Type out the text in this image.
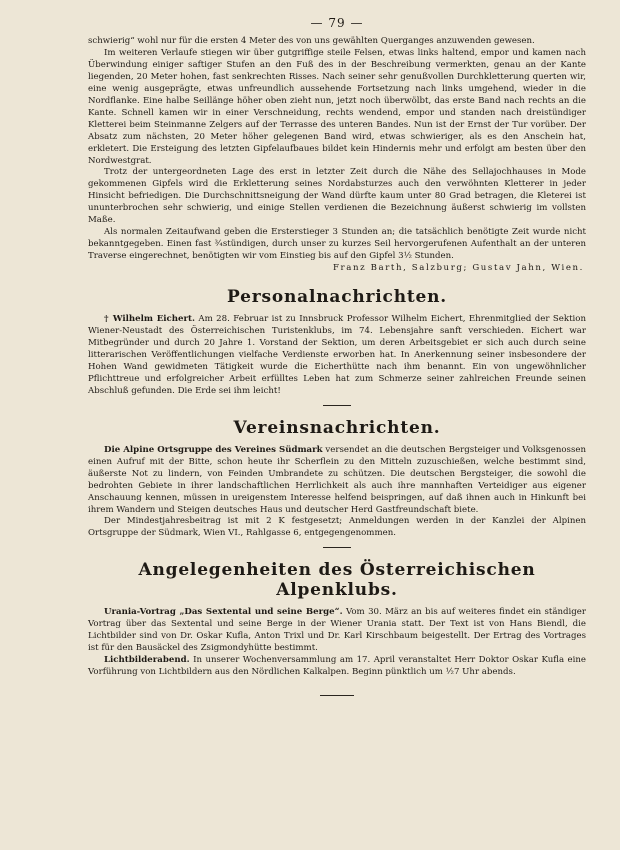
— 79 —

schwierig“ wohl nur für die ersten 4 Meter des von uns gewählten Querganges anzuwenden gewesen.

Im weiteren Verlaufe stiegen wir über gutgriffige steile Felsen, etwas links haltend, empor und kamen nach Überwindung einiger saftiger Stufen an den Fuß des in der Beschreibung vermerkten, genau an der Kante liegenden, 20 Meter hohen, fast senkrechten Risses. Nach seiner sehr genußvollen Durchkletterung querten wir, eine wenig ausgeprägte, etwas unfreundlich aussehende Fortsetzung nach links umgehend, wieder in die Nordflanke. Eine halbe Seillänge höher oben zieht nun, jetzt noch überwölbt, das erste Band nach rechts an die Kante. Schnell kamen wir in einer Verschneidung, rechts wendend, empor und standen nach dreistündiger Kletterei beim Steinmanne Zelgers auf der Terrasse des unteren Bandes. Nun ist der Ernst der Tur vorüber. Der Absatz zum nächsten, 20 Meter höher gelegenen Band wird, etwas schwieriger, als es den Anschein hat, erkletert. Die Ersteigung des letzten Gipfelaufbaues bildet kein Hindernis mehr und erfolgt am besten über den Nordwestgrat.

Trotz der untergeordneten Lage des erst in letzter Zeit durch die Nähe des Sellajochhauses in Mode gekommenen Gipfels wird die Erkletterung seines Nordabsturzes auch den verwöhnten Kletterer in jeder Hinsicht befriedigen. Die Durchschnittsneigung der Wand dürfte kaum unter 80 Grad betragen, die Kleterei ist ununterbrochen sehr schwierig, und einige Stellen verdienen die Bezeichnung äußerst schwierig im vollsten Maße.

Als normalen Zeitaufwand geben die Ersterstieger 3 Stunden an; die tatsächlich benötigte Zeit wurde nicht bekanntgegeben. Einen fast ¾stündigen, durch unser zu kurzes Seil hervorgerufenen Aufenthalt an der unteren Traverse eingerechnet, benötigten wir vom Einstieg bis auf den Gipfel 3½ Stunden.

Franz Barth, Salzburg; Gustav Jahn, Wien.
Personalnachrichten.

† Wilhelm Eichert. Am 28. Februar ist zu Innsbruck Professor Wilhelm Eichert, Ehrenmitglied der Sektion Wiener-Neustadt des Österreichischen Turistenklubs, im 74. Lebensjahre sanft verschieden. Eichert war Mitbegründer und durch 20 Jahre 1. Vorstand der Sektion, um deren Arbeitsgebiet er sich auch durch seine litterarischen Veröffentlichungen vielfache Verdienste erworben hat. In Anerkennung seiner insbesondere der Hohen Wand gewidmeten Tätigkeit wurde die Eicherthütte nach ihm benannt. Ein von ungewöhnlicher Pflichttreue und erfolgreicher Arbeit erfülltes Leben hat zum Schmerze seiner zahlreichen Freunde seinen Abschluß gefunden. Die Erde sei ihm leicht!

Vereinsnachrichten.

Die Alpine Ortsgruppe des Vereines Südmark versendet an die deutschen Bergsteiger und Volksgenossen einen Aufruf mit der Bitte, schon heute ihr Scherflein zu den Mitteln zuzuschießen, welche bestimmt sind, äußerste Not zu lindern, von Feinden Umbrandete zu schützen. Die deutschen Bergsteiger, die sowohl die bedrohten Gebiete in ihrer landschaftlichen Herrlichkeit als auch ihre mannhaften Verteidiger aus eigener Anschauung kennen, müssen in ureigenstem Interesse helfend beispringen, auf daß ihnen auch in Hinkunft bei ihrem Wandern und Steigen deutsches Haus und deutscher Herd Gastfreundschaft biete.

Der Mindestjahresbeitrag ist mit 2 K festgesetzt; Anmeldungen werden in der Kanzlei der Alpinen Ortsgruppe der Südmark, Wien VI., Rahlgasse 6, entgegengenommen.

Angelegenheiten des Österreichischen Alpenklubs.

Urania-Vortrag „Das Sextental und seine Berge“. Vom 30. März an bis auf weiteres findet ein ständiger Vortrag über das Sextental und seine Berge in der Wiener Urania statt. Der Text ist von Hans Biendl, die Lichtbilder sind von Dr. Oskar Kufla, Anton Trixl und Dr. Karl Kirschbaum beigestellt. Der Ertrag des Vortrages ist für den Bausäckel des Zsigmondyhütte bestimmt.

Lichtbilderabend. In unserer Wochenversammlung am 17. April veranstaltet Herr Doktor Oskar Kufla eine Vorführung von Lichtbildern aus den Nördlichen Kalkalpen. Beginn pünktlich um ½7 Uhr abends.
